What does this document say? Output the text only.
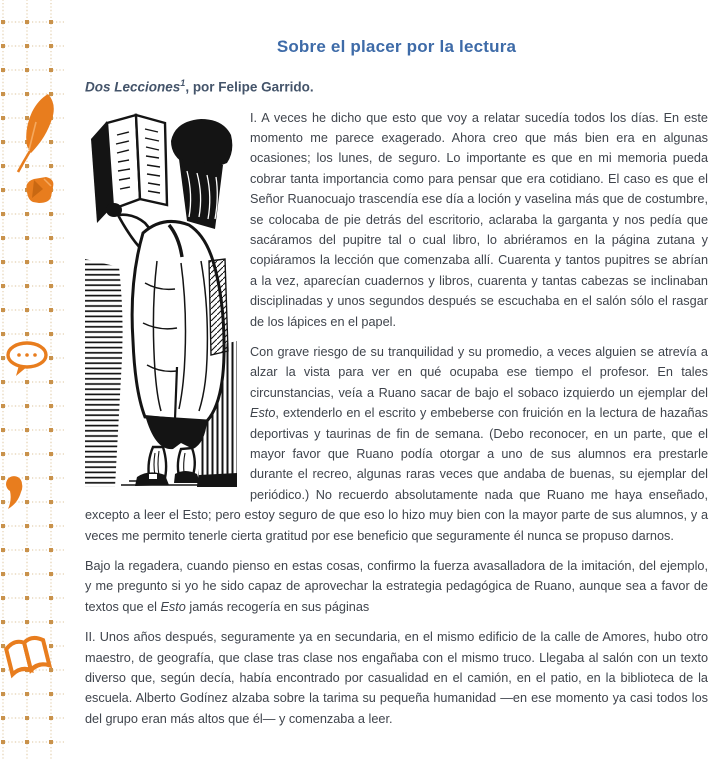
Sobre el placer por la lectura

Dos Lecciones$^1$, por Felipe Garrido.

I. A veces he dicho que esto que voy a relatar sucedía todos los días. En este momento me parece exagerado. Ahora creo que más bien era en algunas ocasiones; los lunes, de seguro. Lo importante es que en mi memoria pueda cobrar tanta importancia como para pensar que era cotidiano. El caso es que el Señor Ruanocuajo trascendía ese día a loción y vaselina más que de costumbre, se colocaba de pie detrás del escritorio, aclaraba la garganta y nos pedía que sacáramos del pupitre tal o cual libro, lo abriéramos en la página zutana y copiáramos la lección que comenzaba allí. Cuarenta y tantos pupitres se abrían a la vez, aparecían cuadernos y libros, cuarenta y tantas cabezas se inclinaban disciplinadas y unos segundos después se escuchaba en el salón sólo el rasgar de los lápices en el papel.

Con grave riesgo de su tranquilidad y su promedio, a veces alguien se atrevía a alzar la vista para ver en qué ocupaba ese tiempo el profesor. En tales circunstancias, veía a Ruano sacar de bajo el sobaco izquierdo un ejemplar del Esto, extenderlo en el escrito y embeberse con fruición en la lectura de hazañas deportivas y taurinas de fin de semana. (Debo reconocer, en un parte, que el mayor favor que Ruano podía otorgar a uno de sus alumnos era prestarle durante el recreo, algunas raras veces que andaba de buenas, su ejemplar del periódico.) No recuerdo absolutamente nada que Ruano me haya enseñado, excepto a leer el Esto; pero estoy seguro de que eso lo hizo muy bien con la mayor parte de sus alumnos, y a veces me permito tenerle cierta gratitud por ese beneficio que seguramente él nunca se propuso darnos.

Bajo la regadera, cuando pienso en estas cosas, confirmo la fuerza avasalladora de la imitación, del ejemplo, y me pregunto si yo he sido capaz de aprovechar la estrategia pedagógica de Ruano, aunque sea a favor de textos que el Esto jamás recogería en sus páginas

II. Unos años después, seguramente ya en secundaria, en el mismo edificio de la calle de Amores, hubo otro maestro, de geografía, que clase tras clase nos engañaba con el mismo truco. Llegaba al salón con un texto diverso que, según decía, había encontrado por casualidad en el camión, en el patio, en la biblioteca de la escuela. Alberto Godínez alzaba sobre la tarima su pequeña humanidad —en ese momento ya casi todos los del grupo eran más altos que él— y comenzaba a leer.
